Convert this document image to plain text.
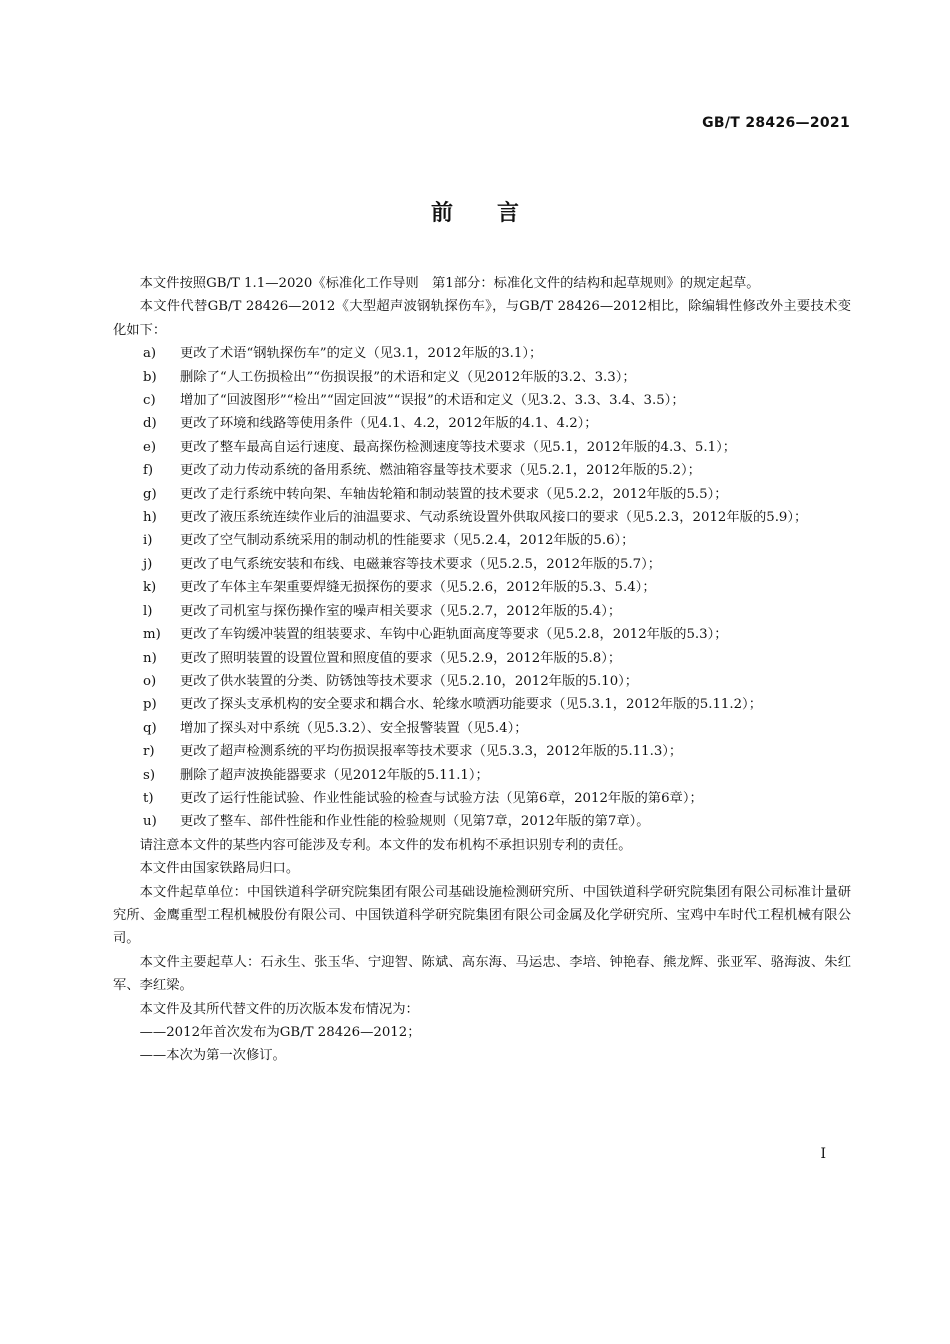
GB/T 28426—2021
前言

本文件按照GB/T 1.1—2020《标准化工作导则　第1部分：标准化文件的结构和起草规则》的规定起草。

本文件代替GB/T 28426—2012《大型超声波钢轨探伤车》，与GB/T 28426—2012相比，除编辑性修改外主要技术变化如下：

a) 更改了术语“钢轨探伤车”的定义（见3.1，2012年版的3.1）；
b) 删除了“人工伤损检出”“伤损误报”的术语和定义（见2012年版的3.2、3.3）；
c) 增加了“回波图形”“检出”“固定回波”“误报”的术语和定义（见3.2、3.3、3.4、3.5）；
d) 更改了环境和线路等使用条件（见4.1、4.2，2012年版的4.1、4.2）；
e) 更改了整车最高自运行速度、最高探伤检测速度等技术要求（见5.1，2012年版的4.3、5.1）；
f) 更改了动力传动系统的备用系统、燃油箱容量等技术要求（见5.2.1，2012年版的5.2）；
g) 更改了走行系统中转向架、车轴齿轮箱和制动装置的技术要求（见5.2.2，2012年版的5.5）；
h) 更改了液压系统连续作业后的油温要求、气动系统设置外供取风接口的要求（见5.2.3，2012年版的5.9）；
i) 更改了空气制动系统采用的制动机的性能要求（见5.2.4，2012年版的5.6）；
j) 更改了电气系统安装和布线、电磁兼容等技术要求（见5.2.5，2012年版的5.7）；
k) 更改了车体主车架重要焊缝无损探伤的要求（见5.2.6，2012年版的5.3、5.4）；
l) 更改了司机室与探伤操作室的噪声相关要求（见5.2.7，2012年版的5.4）；
m) 更改了车钩缓冲装置的组装要求、车钩中心距轨面高度等要求（见5.2.8，2012年版的5.3）；
n) 更改了照明装置的设置位置和照度值的要求（见5.2.9，2012年版的5.8）；
o) 更改了供水装置的分类、防锈蚀等技术要求（见5.2.10，2012年版的5.10）；
p) 更改了探头支承机构的安全要求和耦合水、轮缘水喷洒功能要求（见5.3.1，2012年版的5.11.2）；
q) 增加了探头对中系统（见5.3.2）、安全报警装置（见5.4）；
r) 更改了超声检测系统的平均伤损误报率等技术要求（见5.3.3，2012年版的5.11.3）；
s) 删除了超声波换能器要求（见2012年版的5.11.1）；
t) 更改了运行性能试验、作业性能试验的检查与试验方法（见第6章，2012年版的第6章）；
u) 更改了整车、部件性能和作业性能的检验规则（见第7章，2012年版的第7章）。

请注意本文件的某些内容可能涉及专利。本文件的发布机构不承担识别专利的责任。

本文件由国家铁路局归口。

本文件起草单位：中国铁道科学研究院集团有限公司基础设施检测研究所、中国铁道科学研究院集团有限公司标准计量研究所、金鹰重型工程机械股份有限公司、中国铁道科学研究院集团有限公司金属及化学研究所、宝鸡中车时代工程机械有限公司。

本文件主要起草人：石永生、张玉华、宁迎智、陈斌、高东海、马运忠、李培、钟艳春、熊龙辉、张亚军、骆海波、朱红军、李红梁。

本文件及其所代替文件的历次版本发布情况为：

——2012年首次发布为GB/T 28426—2012；

——本次为第一次修订。

I
